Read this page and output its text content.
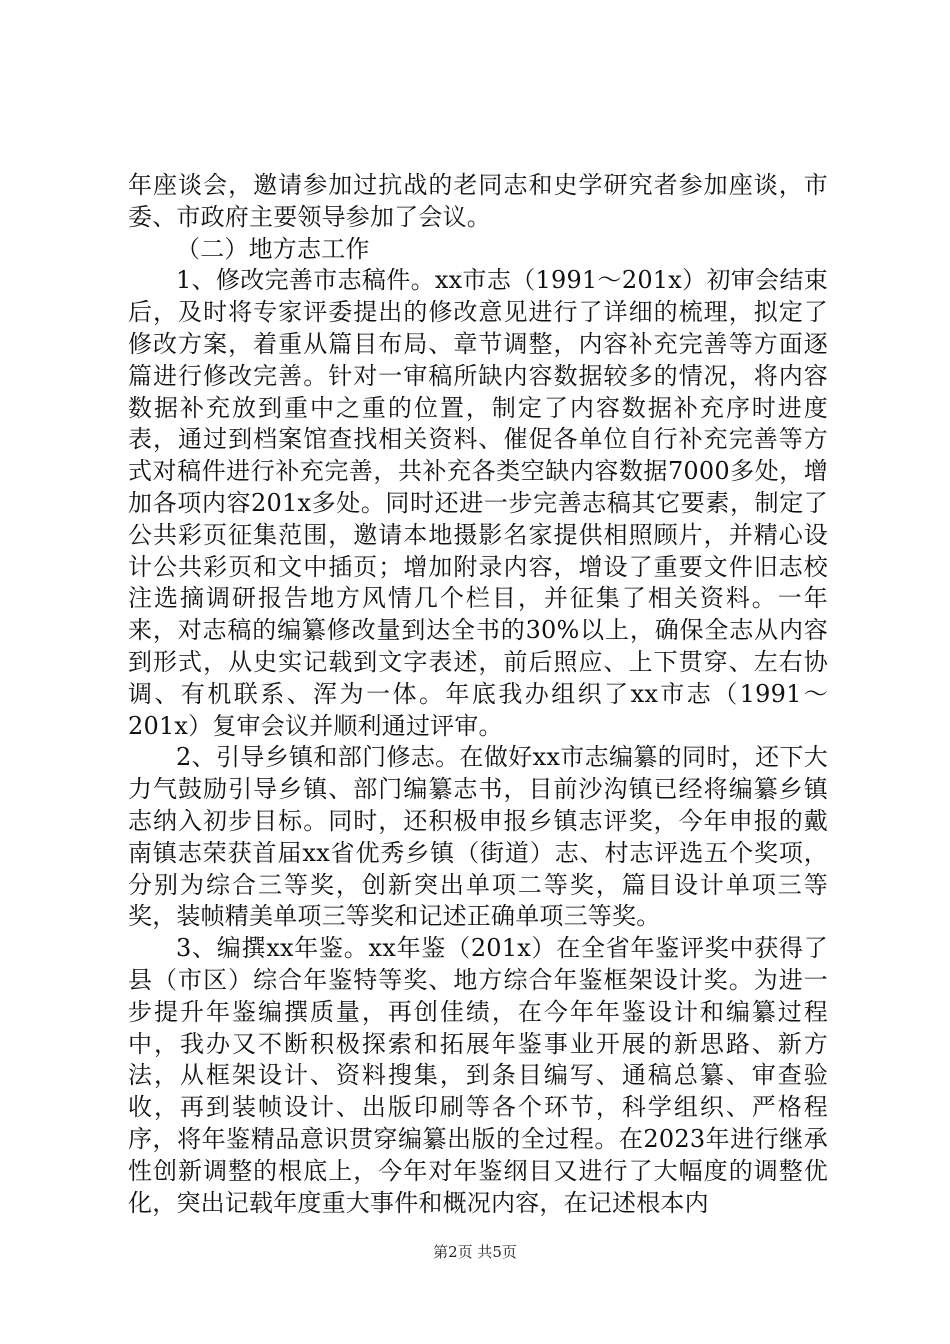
年座谈会，邀请参加过抗战的老同志和史学研究者参加座谈，市委、市政府主要领导参加了会议。

（二）地方志工作

1、修改完善市志稿件。xx市志（1991～201x）初审会结束后，及时将专家评委提出的修改意见进行了详细的梳理，拟定了修改方案，着重从篇目布局、章节调整，内容补充完善等方面逐篇进行修改完善。针对一审稿所缺内容数据较多的情况，将内容数据补充放到重中之重的位置，制定了内容数据补充序时进度表，通过到档案馆查找相关资料、催促各单位自行补充完善等方式对稿件进行补充完善，共补充各类空缺内容数据7000多处，增加各项内容201x多处。同时还进一步完善志稿其它要素，制定了公共彩页征集范围，邀请本地摄影名家提供相照顾片，并精心设计公共彩页和文中插页；增加附录内容，增设了重要文件旧志校注选摘调研报告地方风情几个栏目，并征集了相关资料。一年来，对志稿的编纂修改量到达全书的30%以上，确保全志从内容到形式，从史实记载到文字表述，前后照应、上下贯穿、左右协调、有机联系、浑为一体。年底我办组织了xx市志（1991～201x）复审会议并顺利通过评审。

2、引导乡镇和部门修志。在做好xx市志编纂的同时，还下大力气鼓励引导乡镇、部门编纂志书，目前沙沟镇已经将编纂乡镇志纳入初步目标。同时，还积极申报乡镇志评奖，今年申报的戴南镇志荣获首届xx省优秀乡镇（街道）志、村志评选五个奖项，分别为综合三等奖，创新突出单项二等奖，篇目设计单项三等奖，装帧精美单项三等奖和记述正确单项三等奖。

3、编撰xx年鉴。xx年鉴（201x）在全省年鉴评奖中获得了县（市区）综合年鉴特等奖、地方综合年鉴框架设计奖。为进一步提升年鉴编撰质量，再创佳绩，在今年年鉴设计和编纂过程中，我办又不断积极探索和拓展年鉴事业开展的新思路、新方法，从框架设计、资料搜集，到条目编写、通稿总纂、审查验收，再到装帧设计、出版印刷等各个环节，科学组织、严格程序，将年鉴精品意识贯穿编纂出版的全过程。在2023年进行继承性创新调整的根底上，今年对年鉴纲目又进行了大幅度的调整优化，突出记载年度重大事件和概况内容，在记述根本内

第2页 共5页
